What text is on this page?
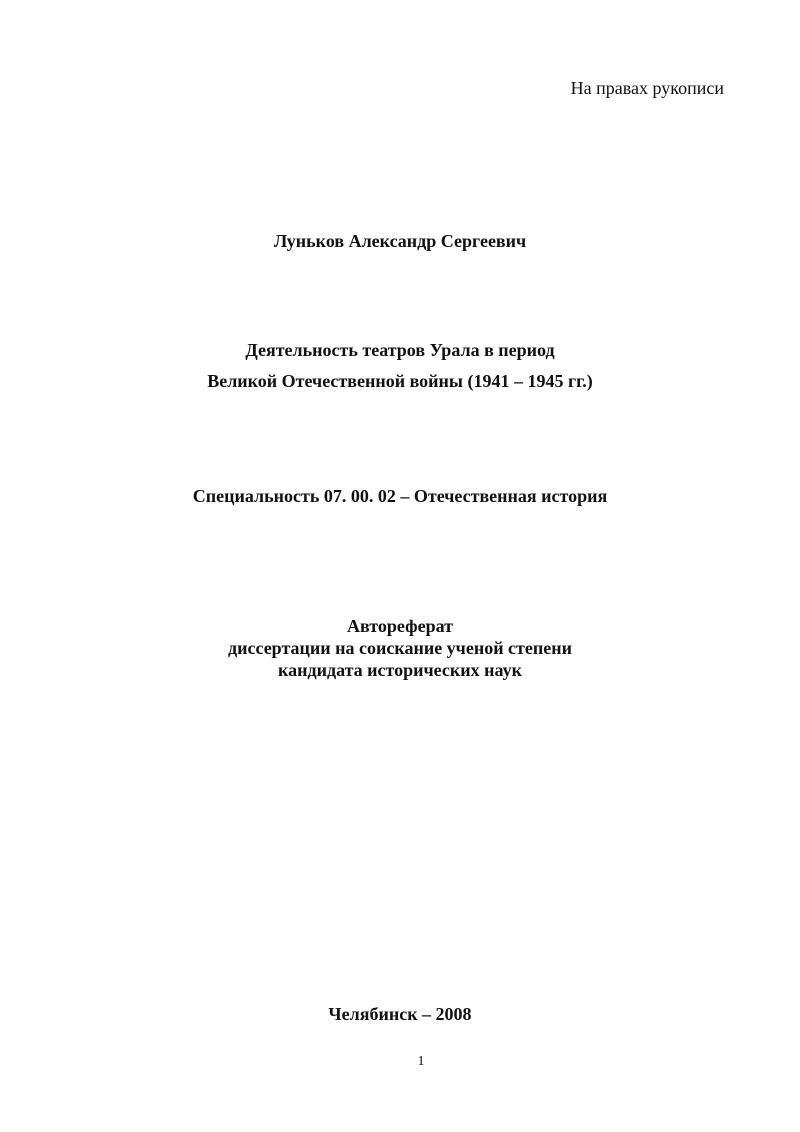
На правах рукописи
Луньков Александр Сергеевич
Деятельность театров Урала в период
Великой Отечественной войны (1941 – 1945 гг.)
Специальность 07. 00. 02 – Отечественная история
Автореферат
диссертации на соискание ученой степени
кандидата исторических наук
Челябинск – 2008
1
